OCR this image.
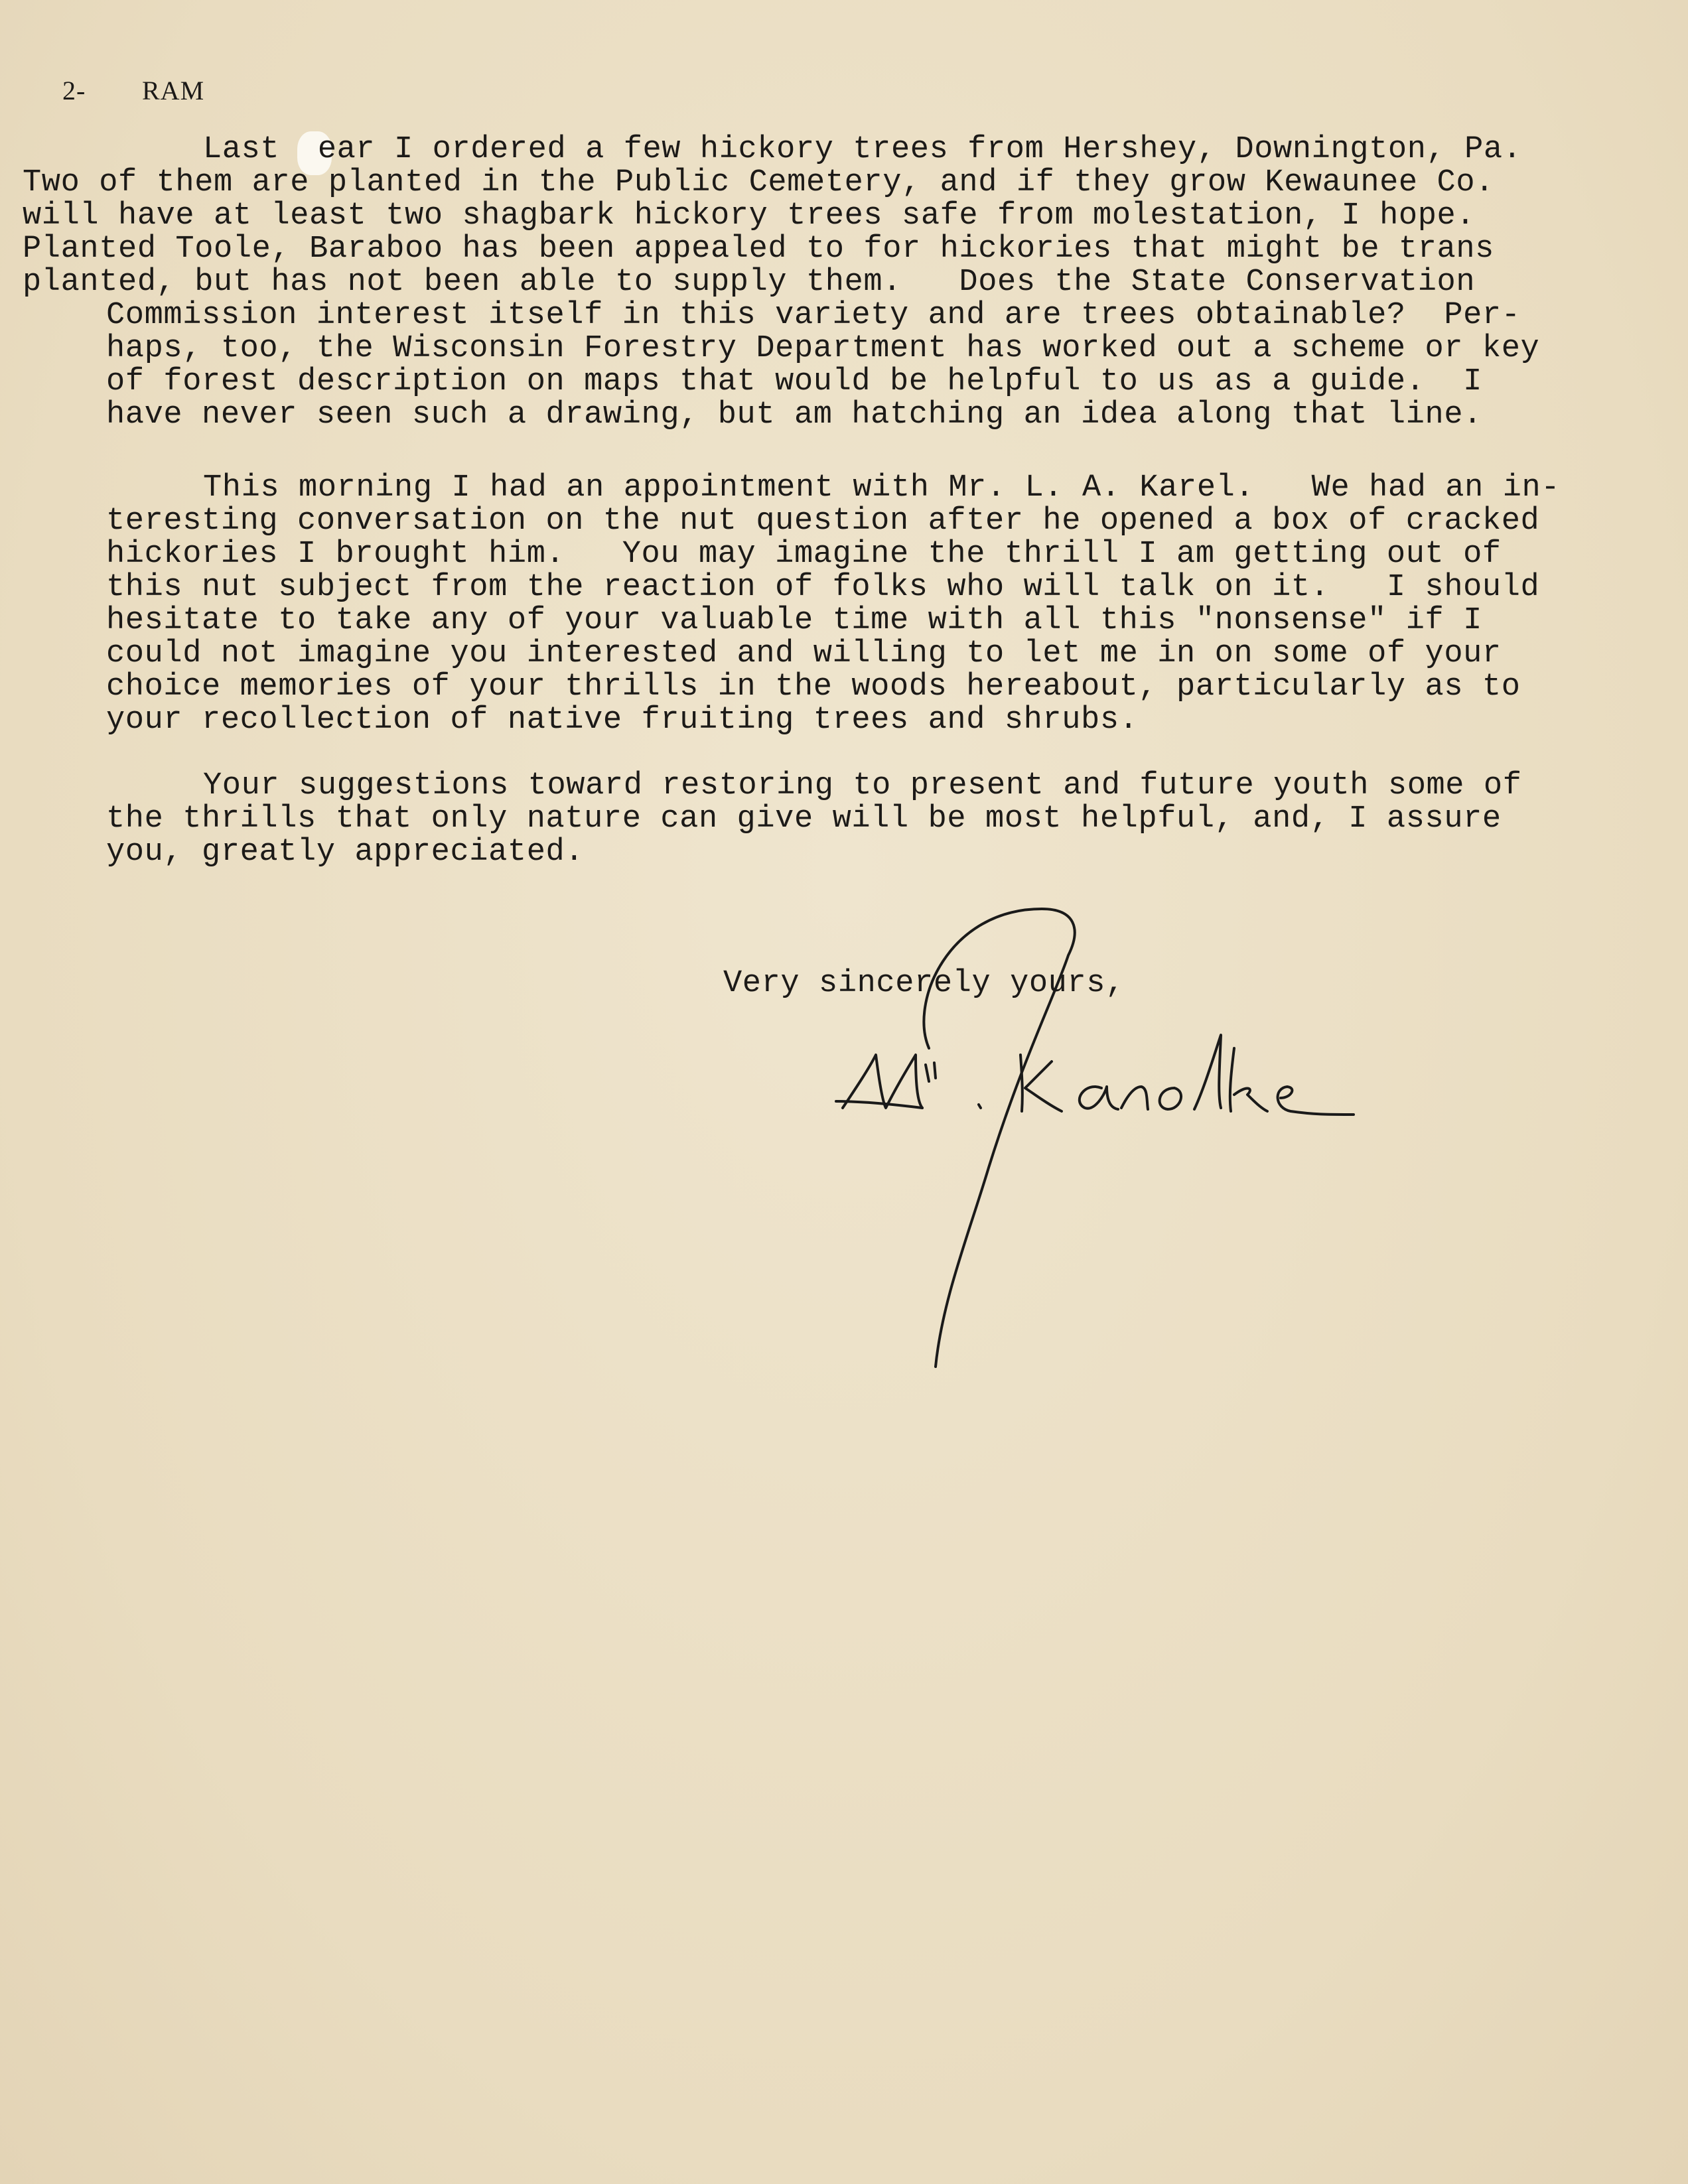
2- RAM
Last  ear I ordered a few hickory trees from Hershey, Downington, Pa.
Two of them are planted in the Public Cemetery, and if they grow Kewaunee Co.
will have at least two shagbark hickory trees safe from molestation, I hope.
Planted Toole, Baraboo has been appealed to for hickories that might be trans
planted, but has not been able to supply them.   Does the State Conservation
Commission interest itself in this variety and are trees obtainable?  Per-
haps, too, the Wisconsin Forestry Department has worked out a scheme or key
of forest description on maps that would be helpful to us as a guide.  I
have never seen such a drawing, but am hatching an idea along that line.
This morning I had an appointment with Mr. L. A. Karel.   We had an in-
teresting conversation on the nut question after he opened a box of cracked
hickories I brought him.   You may imagine the thrill I am getting out of
this nut subject from the reaction of folks who will talk on it.   I should
hesitate to take any of your valuable time with all this "nonsense" if I
could not imagine you interested and willing to let me in on some of your
choice memories of your thrills in the woods hereabout, particularly as to
your recollection of native fruiting trees and shrubs.
Your suggestions toward restoring to present and future youth some of
the thrills that only nature can give will be most helpful, and, I assure
you, greatly appreciated.
Very sincerely yours,
